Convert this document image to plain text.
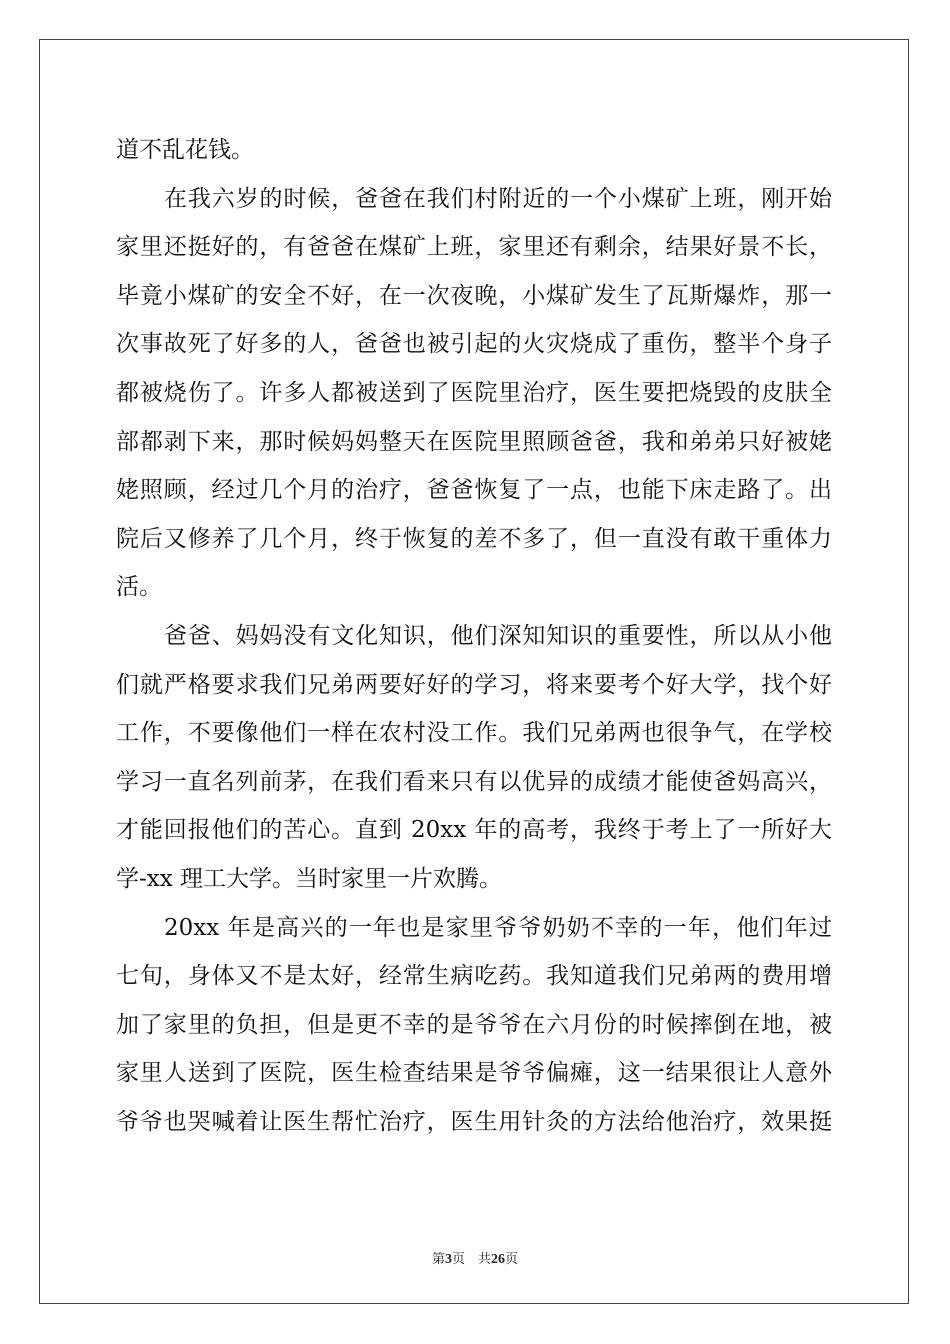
道不乱花钱。
在我六岁的时候，爸爸在我们村附近的一个小煤矿上班，刚开始
家里还挺好的，有爸爸在煤矿上班，家里还有剩余，结果好景不长，
毕竟小煤矿的安全不好，在一次夜晚，小煤矿发生了瓦斯爆炸，那一
次事故死了好多的人，爸爸也被引起的火灾烧成了重伤，整半个身子
都被烧伤了。许多人都被送到了医院里治疗，医生要把烧毁的皮肤全
部都剥下来，那时候妈妈整天在医院里照顾爸爸，我和弟弟只好被姥
姥照顾，经过几个月的治疗，爸爸恢复了一点，也能下床走路了。出
院后又修养了几个月，终于恢复的差不多了，但一直没有敢干重体力
活。
爸爸、妈妈没有文化知识，他们深知知识的重要性，所以从小他
们就严格要求我们兄弟两要好好的学习，将来要考个好大学，找个好
工作，不要像他们一样在农村没工作。我们兄弟两也很争气，在学校
学习一直名列前茅，在我们看来只有以优异的成绩才能使爸妈高兴，
才能回报他们的苦心。直到 20xx 年的高考，我终于考上了一所好大
学-xx 理工大学。当时家里一片欢腾。
20xx 年是高兴的一年也是家里爷爷奶奶不幸的一年，他们年过
七旬，身体又不是太好，经常生病吃药。我知道我们兄弟两的费用增
加了家里的负担，但是更不幸的是爷爷在六月份的时候摔倒在地，被
家里人送到了医院，医生检查结果是爷爷偏瘫，这一结果很让人意外
爷爷也哭喊着让医生帮忙治疗，医生用针灸的方法给他治疗，效果挺
第3页　共26页
